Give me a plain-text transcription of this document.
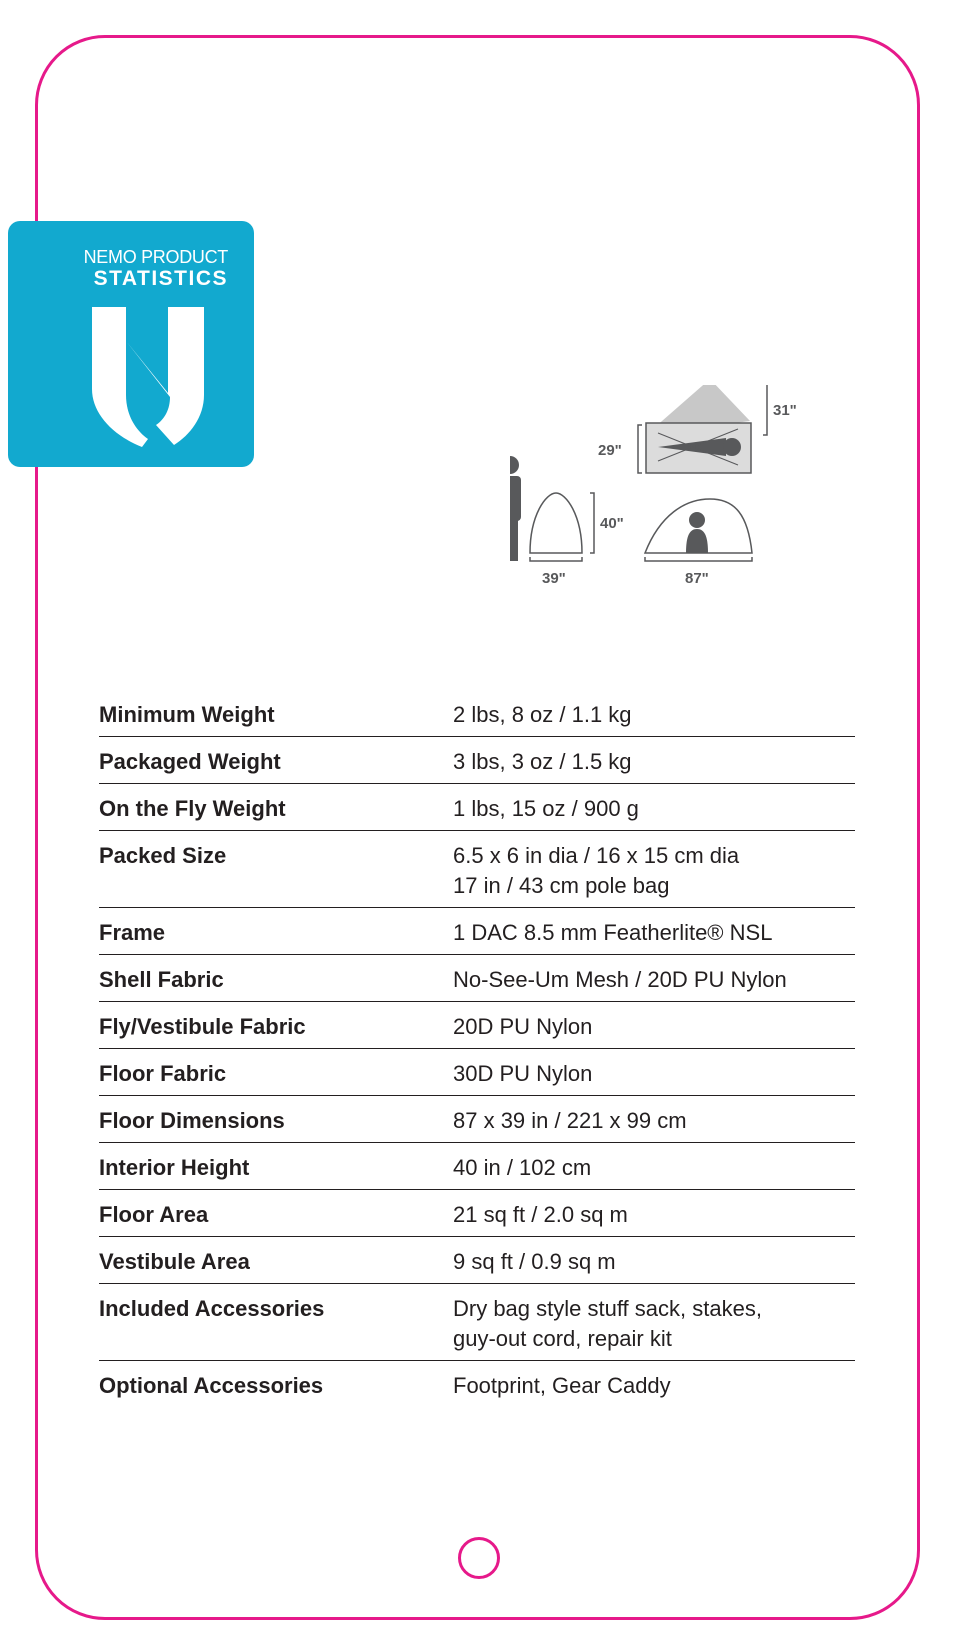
NEMO PRODUCT
STATISTICS
31"
29"
40"
39"	87"
Minimum Weight	2 lbs, 8 oz / 1.1 kg
Packaged Weight	3 lbs, 3 oz / 1.5 kg
On the Fly Weight	1 lbs, 15 oz / 900 g
Packed Size	6.5 x 6 in dia / 16 x 15 cm dia
17 in / 43 cm pole bag
Frame	1 DAC 8.5 mm Featherlite® NSL
Shell Fabric	No-See-Um Mesh / 20D PU Nylon
Fly/Vestibule Fabric	20D PU Nylon
Floor Fabric	30D PU Nylon
Floor Dimensions	87 x 39 in / 221 x 99 cm
Interior Height	40 in / 102 cm
Floor Area	21 sq ft / 2.0 sq m
Vestibule Area	9 sq ft / 0.9 sq m
Included Accessories	Dry bag style stuff sack, stakes,
guy-out cord, repair kit
Optional Accessories	Footprint, Gear Caddy
